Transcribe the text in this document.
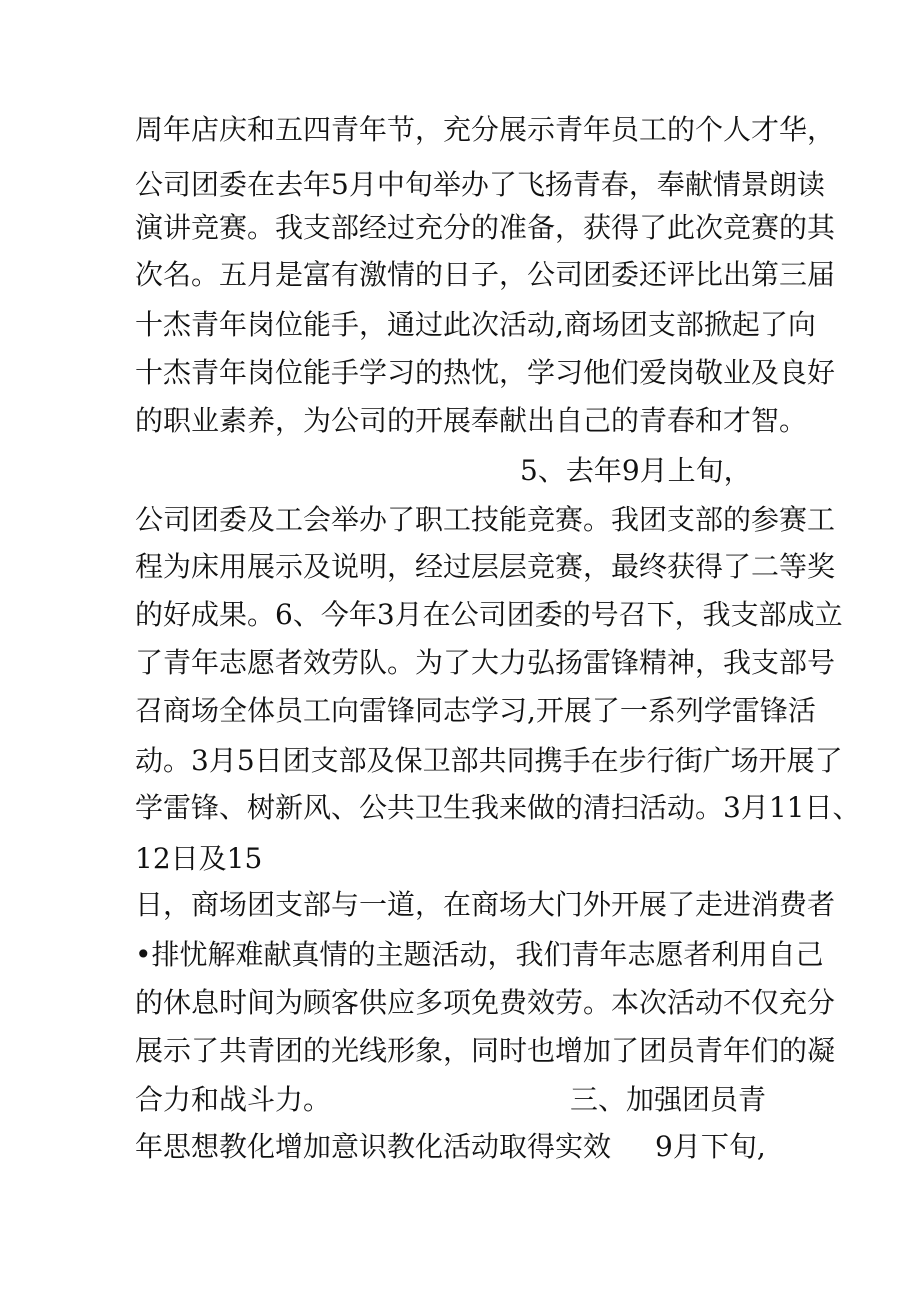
周年店庆和五四青年节，充分展示青年员工的个人才华，
公司团委在去年5月中旬举办了飞扬青春，奉献情景朗读
演讲竞赛。我支部经过充分的准备，获得了此次竞赛的其
次名。五月是富有激情的日子，公司团委还评比出第三届
十杰青年岗位能手，通过此次活动,商场团支部掀起了向
十杰青年岗位能手学习的热忱，学习他们爱岗敬业及良好
的职业素养，为公司的开展奉献出自己的青春和才智。
5、去年9月上旬，
公司团委及工会举办了职工技能竞赛。我团支部的参赛工
程为床用展示及说明，经过层层竞赛，最终获得了二等奖
的好成果。6、今年3月在公司团委的号召下，我支部成立
了青年志愿者效劳队。为了大力弘扬雷锋精神，我支部号
召商场全体员工向雷锋同志学习,开展了一系列学雷锋活
动。3月5日团支部及保卫部共同携手在步行街广场开展了
学雷锋、树新风、公共卫生我来做的清扫活动。3月11日、
12日及15
日，商场团支部与一道，在商场大门外开展了走进消费者
•排忧解难献真情的主题活动，我们青年志愿者利用自己
的休息时间为顾客供应多项免费效劳。本次活动不仅充分
展示了共青团的光线形象，同时也增加了团员青年们的凝
合力和战斗力。	三、加强团员青
年思想教化增加意识教化活动取得实效 9月下旬,
